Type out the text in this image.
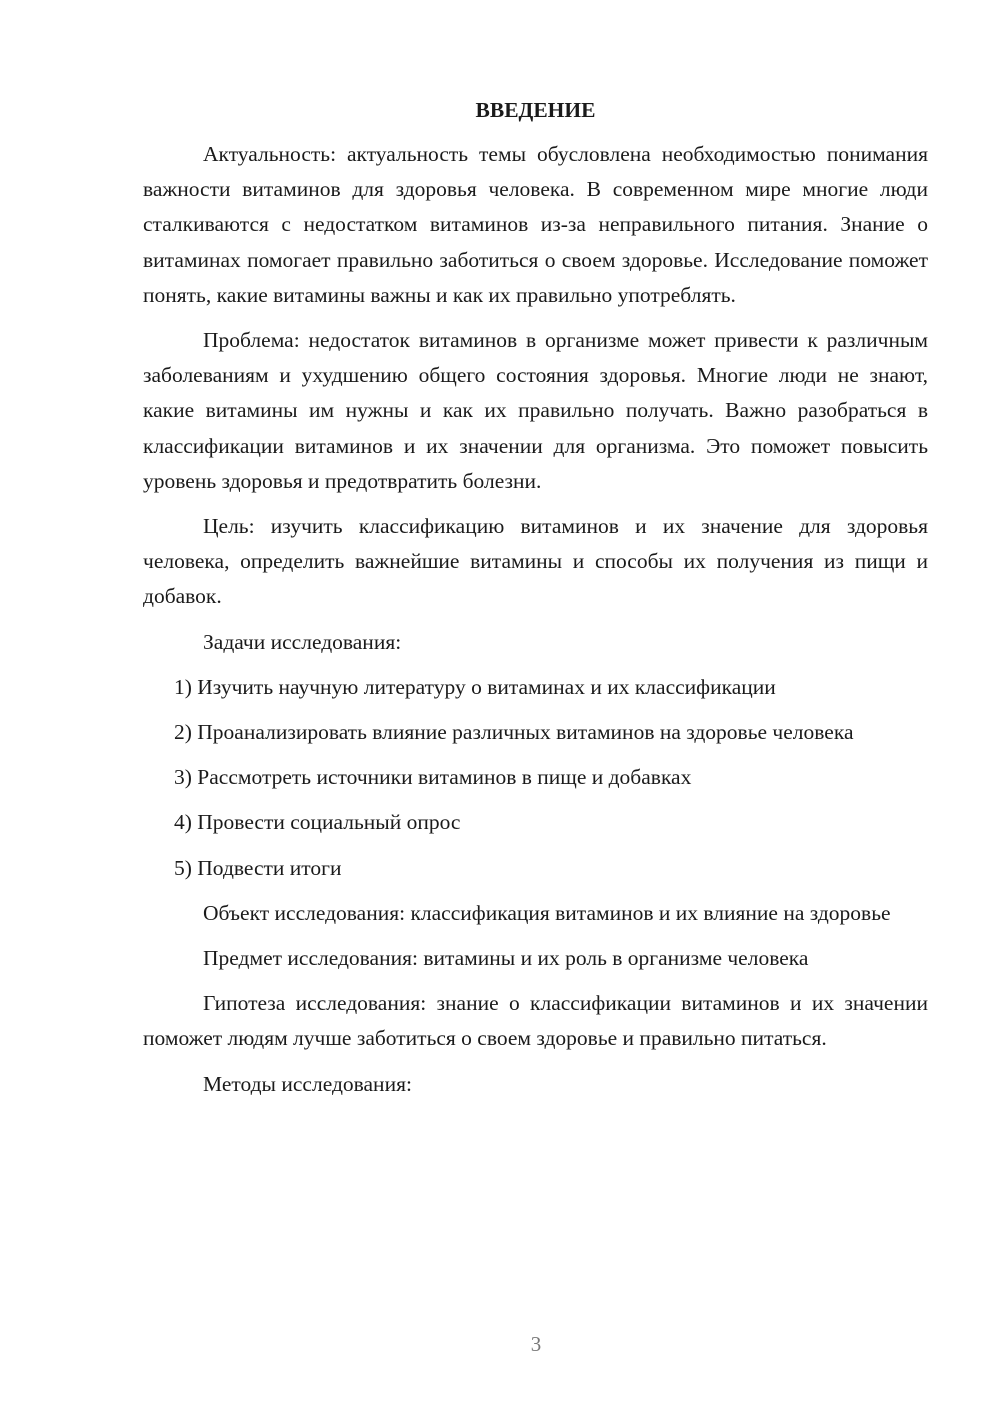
ВВЕДЕНИЕ

Актуальность: актуальность темы обусловлена необходимостью понимания важности витаминов для здоровья человека. В современном мире многие люди сталкиваются с недостатком витаминов из-за неправильного питания. Знание о витаминах помогает правильно заботиться о своем здоровье. Исследование поможет понять, какие витамины важны и как их правильно употреблять.

Проблема: недостаток витаминов в организме может привести к различным заболеваниям и ухудшению общего состояния здоровья. Многие люди не знают, какие витамины им нужны и как их правильно получать. Важно разобраться в классификации витаминов и их значении для организма. Это поможет повысить уровень здоровья и предотвратить болезни.

Цель: изучить классификацию витаминов и их значение для здоровья человека, определить важнейшие витамины и способы их получения из пищи и добавок.

Задачи исследования:

1) Изучить научную литературу о витаминах и их классификации

2) Проанализировать влияние различных витаминов на здоровье человека

3) Рассмотреть источники витаминов в пище и добавках

4) Провести социальный опрос

5) Подвести итоги

Объект исследования: классификация витаминов и их влияние на здоровье

Предмет исследования: витамины и их роль в организме человека

Гипотеза исследования: знание о классификации витаминов и их значении поможет людям лучше заботиться о своем здоровье и правильно питаться.

Методы исследования:

3
